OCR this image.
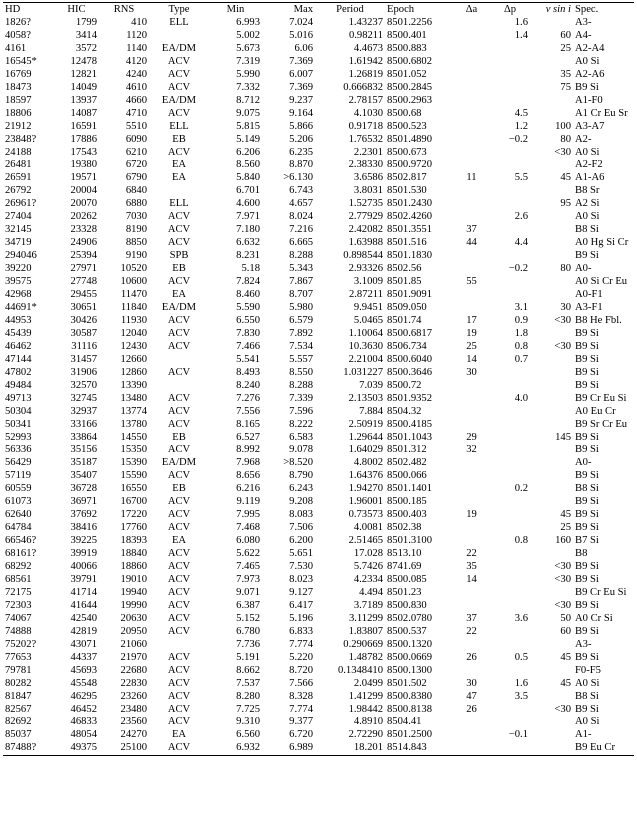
HD	HIC	RNS	Type	Min	Max	Period	Epoch	Δa	Δp	v sin i	Spec.
1826?	1799	410	ELL	6.993	7.024	1.43237	8501.2256		1.6		A3-
4058?	3414	1120		5.002	5.016	0.98211	8500.401		1.4	60	A4-
4161	3572	1140	EA/DM	5.673	6.06	4.4673	8500.883			25	A2-A4
16545*	12478	4120	ACV	7.319	7.369	1.61942	8500.6802				A0 Si
16769	12821	4240	ACV	5.990	6.007	1.26819	8501.052			35	A2-A6
18473	14049	4610	ACV	7.332	7.369	0.666832	8500.2845			75	B9 Si
18597	13937	4660	EA/DM	8.712	9.237	2.78157	8500.2963				A1-F0
18806	14087	4710	ACV	9.075	9.164	4.1030	8500.68		4.5		A1 Cr Eu Sr
21912	16591	5510	ELL	5.815	5.866	0.91718	8500.523		1.2	100	A3-A7
23848?	17886	6090	EB	5.149	5.206	1.76532	8501.4890		−0.2	80	A2-
24188	17543	6210	ACV	6.206	6.235	2.2301	8500.673			<30	A0 Si
26481	19380	6720	EA	8.560	8.870	2.38330	8500.9720				A2-F2
26591	19571	6790	EA	5.840	>6.130	3.6586	8502.817	11	5.5	45	A1-A6
26792	20004	6840		6.701	6.743	3.8031	8501.530				B8 Sr
26961?	20070	6880	ELL	4.600	4.657	1.52735	8501.2430			95	A2 Si
27404	20262	7030	ACV	7.971	8.024	2.77929	8502.4260		2.6		A0 Si
32145	23328	8190	ACV	7.180	7.216	2.42082	8501.3551	37			B8 Si
34719	24906	8850	ACV	6.632	6.665	1.63988	8501.516	44	4.4		A0 Hg Si Cr
294046	25394	9190	SPB	8.231	8.288	0.898544	8501.1830				B9 Si
39220	27971	10520	EB	5.18	5.343	2.93326	8502.56		−0.2	80	A0-
39575	27748	10600	ACV	7.824	7.867	3.1009	8501.85	55			A0 Si Cr Eu
42968	29455	11470	EA	8.460	8.707	2.87211	8501.9091				A0-F1
44691*	30651	11840	EA/DM	5.590	5.980	9.9451	8509.050		3.1	30	A3-F1
44953	30426	11930	ACV	6.550	6.579	5.0465	8501.74	17	0.9	<30	B8 He Fbl.
45439	30587	12040	ACV	7.830	7.892	1.10064	8500.6817	19	1.8		B9 Si
46462	31116	12430	ACV	7.466	7.534	10.3630	8506.734	25	0.8	<30	B9 Si
47144	31457	12660		5.541	5.557	2.21004	8500.6040	14	0.7		B9 Si
47802	31906	12860	ACV	8.493	8.550	1.031227	8500.3646	30			B9 Si
49484	32570	13390		8.240	8.288	7.039	8500.72				B9 Si
49713	32745	13480	ACV	7.276	7.339	2.13503	8501.9352		4.0		B9 Cr Eu Si
50304	32937	13774	ACV	7.556	7.596	7.884	8504.32				A0 Eu Cr
50341	33166	13780	ACV	8.165	8.222	2.50919	8500.4185				B9 Sr Cr Eu
52993	33864	14550	EB	6.527	6.583	1.29644	8501.1043	29		145	B9 Si
56336	35156	15350	ACV	8.992	9.078	1.64029	8501.312	32			B9 Si
56429	35187	15390	EA/DM	7.968	>8.520	4.8002	8502.482				A0-
57119	35407	15590	ACV	8.656	8.790	1.64376	8500.066				B9 Si
60559	36728	16550	EB	6.216	6.243	1.94270	8501.1401		0.2		B8 Si
61073	36971	16700	ACV	9.119	9.208	1.96001	8500.185				B9 Si
62640	37692	17220	ACV	7.995	8.083	0.73573	8500.403	19		45	B9 Si
64784	38416	17760	ACV	7.468	7.506	4.0081	8502.38			25	B9 Si
66546?	39225	18393	EA	6.080	6.200	2.51465	8501.3100		0.8	160	B7 Si
68161?	39919	18840	ACV	5.622	5.651	17.028	8513.10	22			B8
68292	40066	18860	ACV	7.465	7.530	5.7426	8741.69	35		<30	B9 Si
68561	39791	19010	ACV	7.973	8.023	4.2334	8500.085	14		<30	B9 Si
72175	41714	19940	ACV	9.071	9.127	4.494	8501.23				B9 Cr Eu Si
72303	41644	19990	ACV	6.387	6.417	3.7189	8500.830			<30	B9 Si
74067	42540	20630	ACV	5.152	5.196	3.11299	8502.0780	37	3.6	50	A0 Cr Si
74888	42819	20950	ACV	6.780	6.833	1.83807	8500.537	22		60	B9 Si
75202?	43071	21060		7.736	7.774	0.290669	8500.1320				A3-
77653	44337	21970	ACV	5.191	5.220	1.48782	8500.0669	26	0.5	45	B9 Si
79781	45693	22680	ACV	8.662	8.720	0.1348410	8500.1300				F0-F5
80282	45548	22830	ACV	7.537	7.566	2.0499	8501.502	30	1.6	45	A0 Si
81847	46295	23260	ACV	8.280	8.328	1.41299	8500.8380	47	3.5		B8 Si
82567	46452	23480	ACV	7.725	7.774	1.98442	8500.8138	26		<30	B9 Si
82692	46833	23560	ACV	9.310	9.377	4.8910	8504.41				A0 Si
85037	48054	24270	EA	6.560	6.720	2.72290	8501.2500		−0.1		A1-
87488?	49375	25100	ACV	6.932	6.989	18.201	8514.843				B9 Eu Cr
